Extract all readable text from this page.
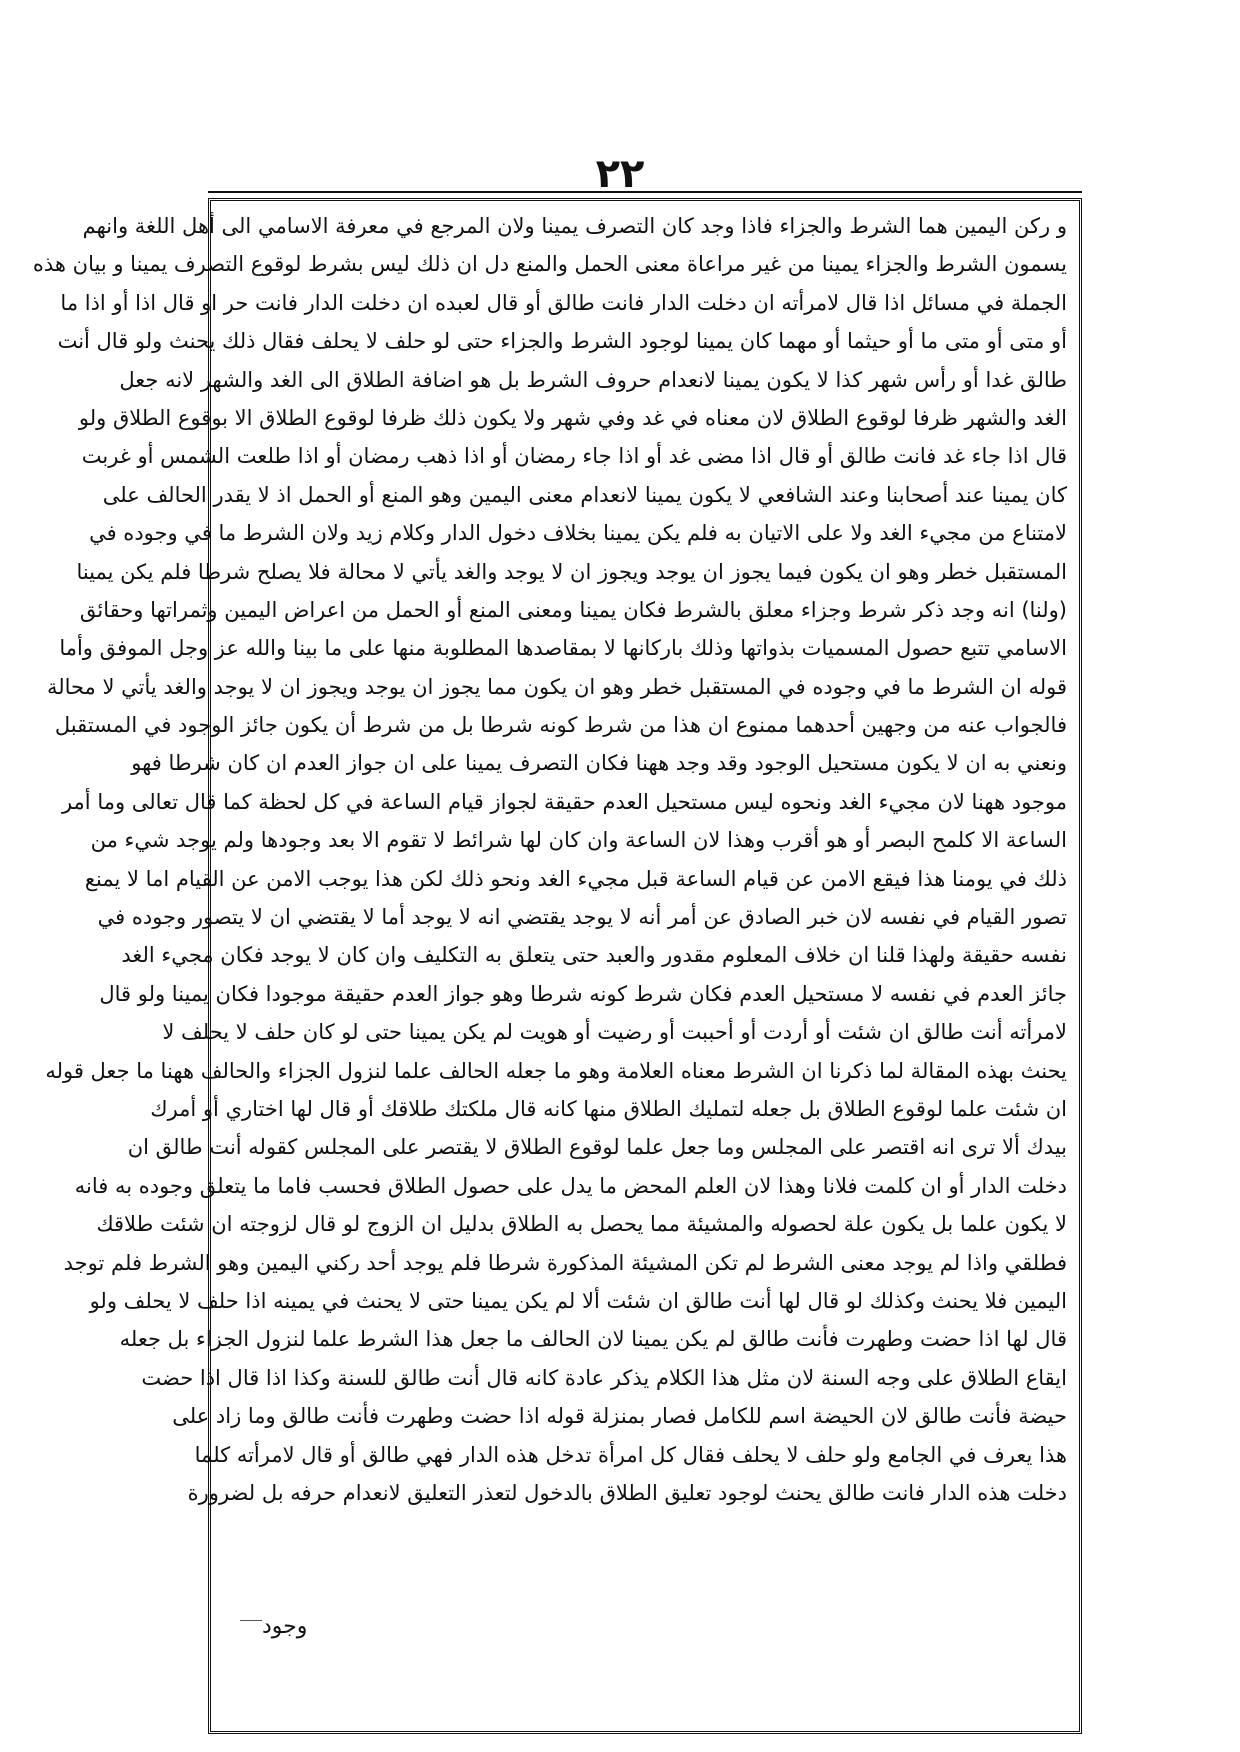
٢٢
و ركن اليمين هما الشرط والجزاء فاذا وجد كان التصرف يمينا ولان المرجع في معرفة الاسامي الى أهل اللغة وانهم
يسمون الشرط والجزاء يمينا من غير مراعاة معنى الحمل والمنع دل ان ذلك ليس بشرط لوقوع التصرف يمينا و بيان هذه
الجملة في مسائل اذا قال لامرأته ان دخلت الدار فانت طالق أو قال لعبده ان دخلت الدار فانت حر او قال اذا أو اذا ما
أو متى أو متى ما أو حيثما أو مهما كان يمينا لوجود الشرط والجزاء حتى لو حلف لا يحلف فقال ذلك يحنث ولو قال أنت
طالق غدا أو رأس شهر كذا لا يكون يمينا لانعدام حروف الشرط بل هو اضافة الطلاق الى الغد والشهر لانه جعل
الغد والشهر ظرفا لوقوع الطلاق لان معناه في غد وفي شهر ولا يكون ذلك ظرفا لوقوع الطلاق الا بوقوع الطلاق ولو
قال اذا جاء غد فانت طالق أو قال اذا مضى غد أو اذا جاء رمضان أو اذا ذهب رمضان أو اذا طلعت الشمس أو غربت
كان يمينا عند أصحابنا وعند الشافعي لا يكون يمينا لانعدام معنى اليمين وهو المنع أو الحمل اذ لا يقدر الحالف على
لامتناع من مجيء الغد ولا على الاتيان به فلم يكن يمينا بخلاف دخول الدار وكلام زيد ولان الشرط ما في وجوده في
المستقبل خطر وهو ان يكون فيما يجوز ان يوجد ويجوز ان لا يوجد والغد يأتي لا محالة فلا يصلح شرطا فلم يكن يمينا
(ولنا) انه وجد ذكر شرط وجزاء معلق بالشرط فكان يمينا ومعنى المنع أو الحمل من اعراض اليمين وثمراتها وحقائق
الاسامي تتبع حصول المسميات بذواتها وذلك باركانها لا بمقاصدها المطلوبة منها على ما بينا والله عز وجل الموفق وأما
قوله ان الشرط ما في وجوده في المستقبل خطر وهو ان يكون مما يجوز ان يوجد ويجوز ان لا يوجد والغد يأتي لا محالة
فالجواب عنه من وجهين أحدهما ممنوع ان هذا من شرط كونه شرطا بل من شرط أن يكون جائز الوجود في المستقبل
ونعني به ان لا يكون مستحيل الوجود وقد وجد ههنا فكان التصرف يمينا على ان جواز العدم ان كان شرطا فهو
موجود ههنا لان مجيء الغد ونحوه ليس مستحيل العدم حقيقة لجواز قيام الساعة في كل لحظة كما قال تعالى وما أمر
الساعة الا كلمح البصر أو هو أقرب وهذا لان الساعة وان كان لها شرائط لا تقوم الا بعد وجودها ولم يوجد شيء من
ذلك في يومنا هذا فيقع الامن عن قيام الساعة قبل مجيء الغد ونحو ذلك لكن هذا يوجب الامن عن القيام اما لا يمنع
تصور القيام في نفسه لان خبر الصادق عن أمر أنه لا يوجد يقتضي انه لا يوجد أما لا يقتضي ان لا يتصور وجوده في
نفسه حقيقة ولهذا قلنا ان خلاف المعلوم مقدور والعبد حتى يتعلق به التكليف وان كان لا يوجد فكان مجيء الغد
جائز العدم في نفسه لا مستحيل العدم فكان شرط كونه شرطا وهو جواز العدم حقيقة موجودا فكان يمينا ولو قال
لامرأته أنت طالق ان شئت أو أردت أو أحببت أو رضيت أو هويت لم يكن يمينا حتى لو كان حلف لا يحلف لا
يحنث بهذه المقالة لما ذكرنا ان الشرط معناه العلامة وهو ما جعله الحالف علما لنزول الجزاء والحالف ههنا ما جعل قوله
ان شئت علما لوقوع الطلاق بل جعله لتمليك الطلاق منها كانه قال ملكتك طلاقك أو قال لها اختاري أو أمرك
بيدك ألا ترى انه اقتصر على المجلس وما جعل علما لوقوع الطلاق لا يقتصر على المجلس كقوله أنت طالق ان
دخلت الدار أو ان كلمت فلانا وهذا لان العلم المحض ما يدل على حصول الطلاق فحسب فاما ما يتعلق وجوده به فانه
لا يكون علما بل يكون علة لحصوله والمشيئة مما يحصل به الطلاق بدليل ان الزوج لو قال لزوجته ان شئت طلاقك
فطلقي واذا لم يوجد معنى الشرط لم تكن المشيئة المذكورة شرطا فلم يوجد أحد ركني اليمين وهو الشرط فلم توجد
اليمين فلا يحنث وكذلك لو قال لها أنت طالق ان شئت ألا لم يكن يمينا حتى لا يحنث في يمينه اذا حلف لا يحلف ولو
قال لها اذا حضت وطهرت فأنت طالق لم يكن يمينا لان الحالف ما جعل هذا الشرط علما لنزول الجزاء بل جعله
ايقاع الطلاق على وجه السنة لان مثل هذا الكلام يذكر عادة كانه قال أنت طالق للسنة وكذا اذا قال اذا حضت
حيضة فأنت طالق لان الحيضة اسم للكامل فصار بمنزلة قوله اذا حضت وطهرت فأنت طالق وما زاد على
هذا يعرف في الجامع ولو حلف لا يحلف فقال كل امرأة تدخل هذه الدار فهي طالق أو قال لامرأته كلما
دخلت هذه الدار فانت طالق يحنث لوجود تعليق الطلاق بالدخول لتعذر التعليق لانعدام حرفه بل لضرورة
وجود
